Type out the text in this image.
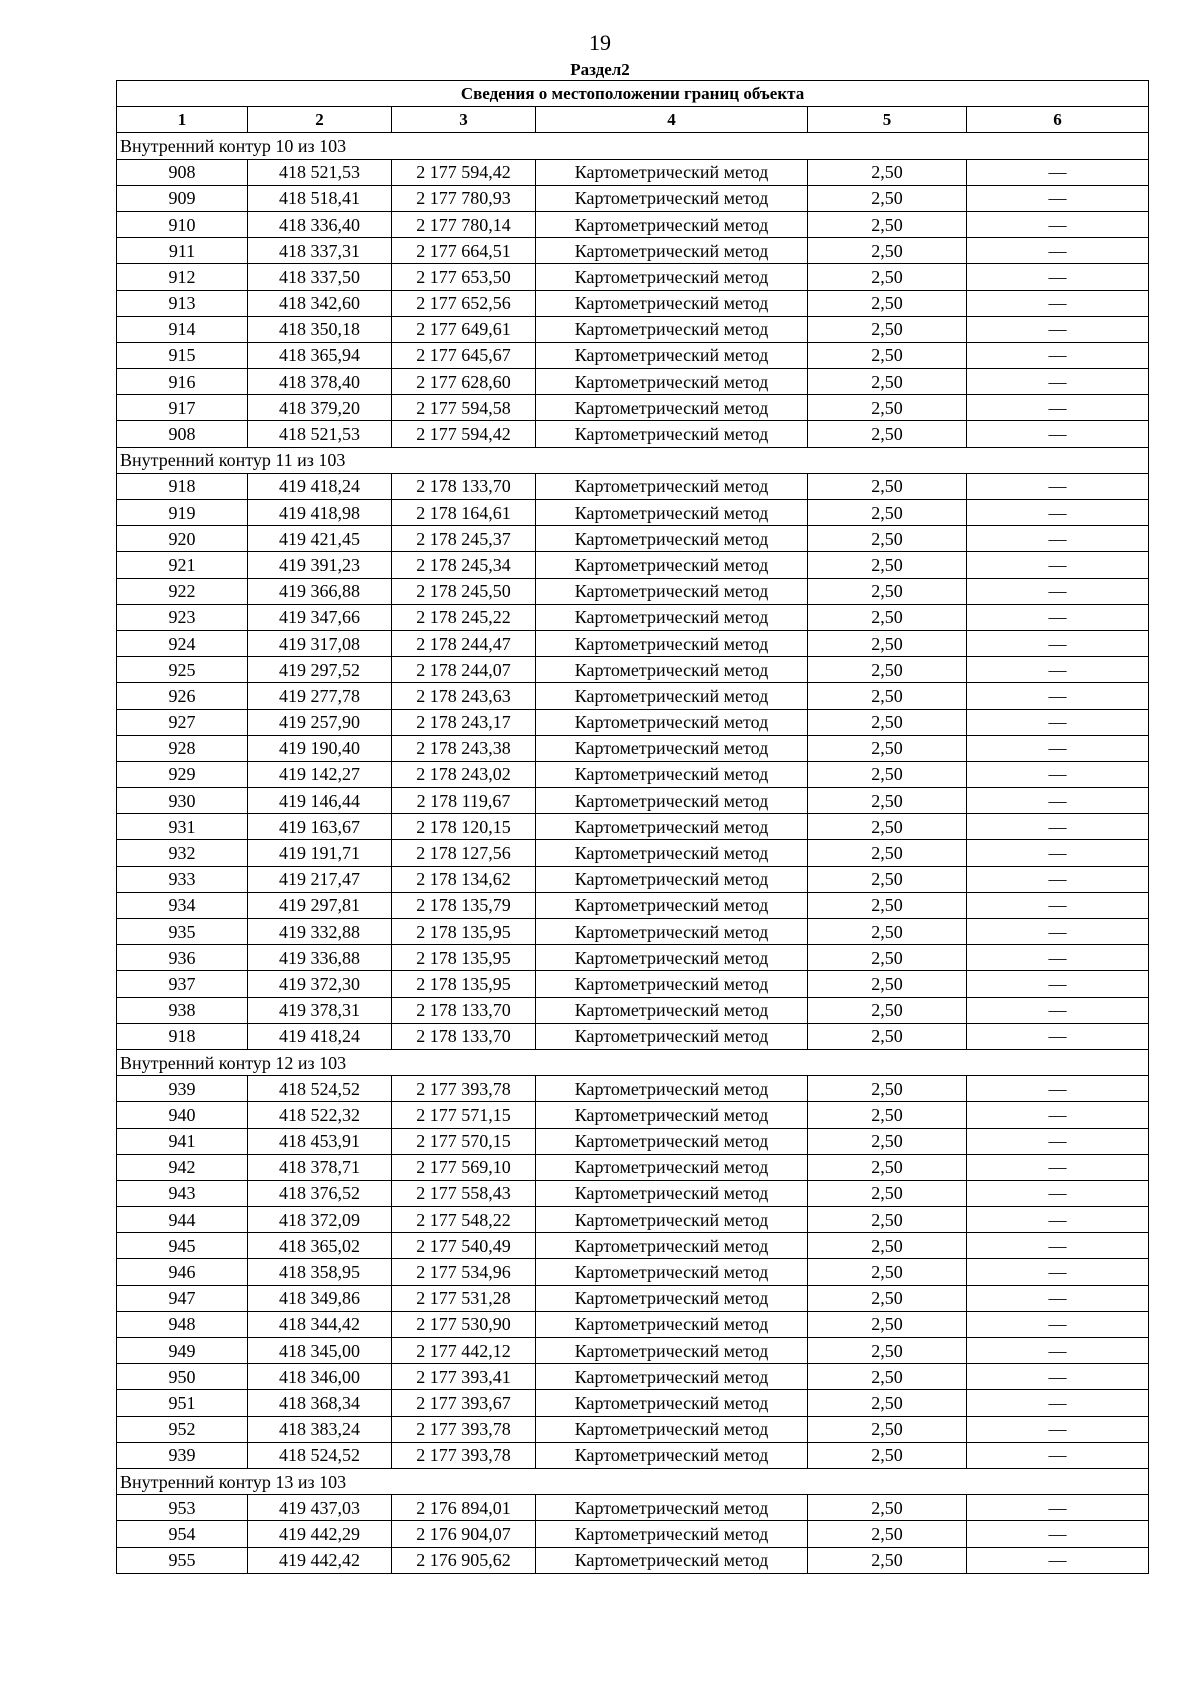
19
Раздел2
Сведения о местоположении границ объекта					
1	2	3	4	5	6
Внутренний контур 10 из 103					
908	418 521,53	2 177 594,42	Картометрический метод	2,50	—
909	418 518,41	2 177 780,93	Картометрический метод	2,50	—
910	418 336,40	2 177 780,14	Картометрический метод	2,50	—
911	418 337,31	2 177 664,51	Картометрический метод	2,50	—
912	418 337,50	2 177 653,50	Картометрический метод	2,50	—
913	418 342,60	2 177 652,56	Картометрический метод	2,50	—
914	418 350,18	2 177 649,61	Картометрический метод	2,50	—
915	418 365,94	2 177 645,67	Картометрический метод	2,50	—
916	418 378,40	2 177 628,60	Картометрический метод	2,50	—
917	418 379,20	2 177 594,58	Картометрический метод	2,50	—
908	418 521,53	2 177 594,42	Картометрический метод	2,50	—
Внутренний контур 11 из 103					
918	419 418,24	2 178 133,70	Картометрический метод	2,50	—
919	419 418,98	2 178 164,61	Картометрический метод	2,50	—
920	419 421,45	2 178 245,37	Картометрический метод	2,50	—
921	419 391,23	2 178 245,34	Картометрический метод	2,50	—
922	419 366,88	2 178 245,50	Картометрический метод	2,50	—
923	419 347,66	2 178 245,22	Картометрический метод	2,50	—
924	419 317,08	2 178 244,47	Картометрический метод	2,50	—
925	419 297,52	2 178 244,07	Картометрический метод	2,50	—
926	419 277,78	2 178 243,63	Картометрический метод	2,50	—
927	419 257,90	2 178 243,17	Картометрический метод	2,50	—
928	419 190,40	2 178 243,38	Картометрический метод	2,50	—
929	419 142,27	2 178 243,02	Картометрический метод	2,50	—
930	419 146,44	2 178 119,67	Картометрический метод	2,50	—
931	419 163,67	2 178 120,15	Картометрический метод	2,50	—
932	419 191,71	2 178 127,56	Картометрический метод	2,50	—
933	419 217,47	2 178 134,62	Картометрический метод	2,50	—
934	419 297,81	2 178 135,79	Картометрический метод	2,50	—
935	419 332,88	2 178 135,95	Картометрический метод	2,50	—
936	419 336,88	2 178 135,95	Картометрический метод	2,50	—
937	419 372,30	2 178 135,95	Картометрический метод	2,50	—
938	419 378,31	2 178 133,70	Картометрический метод	2,50	—
918	419 418,24	2 178 133,70	Картометрический метод	2,50	—
Внутренний контур 12 из 103					
939	418 524,52	2 177 393,78	Картометрический метод	2,50	—
940	418 522,32	2 177 571,15	Картометрический метод	2,50	—
941	418 453,91	2 177 570,15	Картометрический метод	2,50	—
942	418 378,71	2 177 569,10	Картометрический метод	2,50	—
943	418 376,52	2 177 558,43	Картометрический метод	2,50	—
944	418 372,09	2 177 548,22	Картометрический метод	2,50	—
945	418 365,02	2 177 540,49	Картометрический метод	2,50	—
946	418 358,95	2 177 534,96	Картометрический метод	2,50	—
947	418 349,86	2 177 531,28	Картометрический метод	2,50	—
948	418 344,42	2 177 530,90	Картометрический метод	2,50	—
949	418 345,00	2 177 442,12	Картометрический метод	2,50	—
950	418 346,00	2 177 393,41	Картометрический метод	2,50	—
951	418 368,34	2 177 393,67	Картометрический метод	2,50	—
952	418 383,24	2 177 393,78	Картометрический метод	2,50	—
939	418 524,52	2 177 393,78	Картометрический метод	2,50	—
Внутренний контур 13 из 103					
953	419 437,03	2 176 894,01	Картометрический метод	2,50	—
954	419 442,29	2 176 904,07	Картометрический метод	2,50	—
955	419 442,42	2 176 905,62	Картометрический метод	2,50	—
